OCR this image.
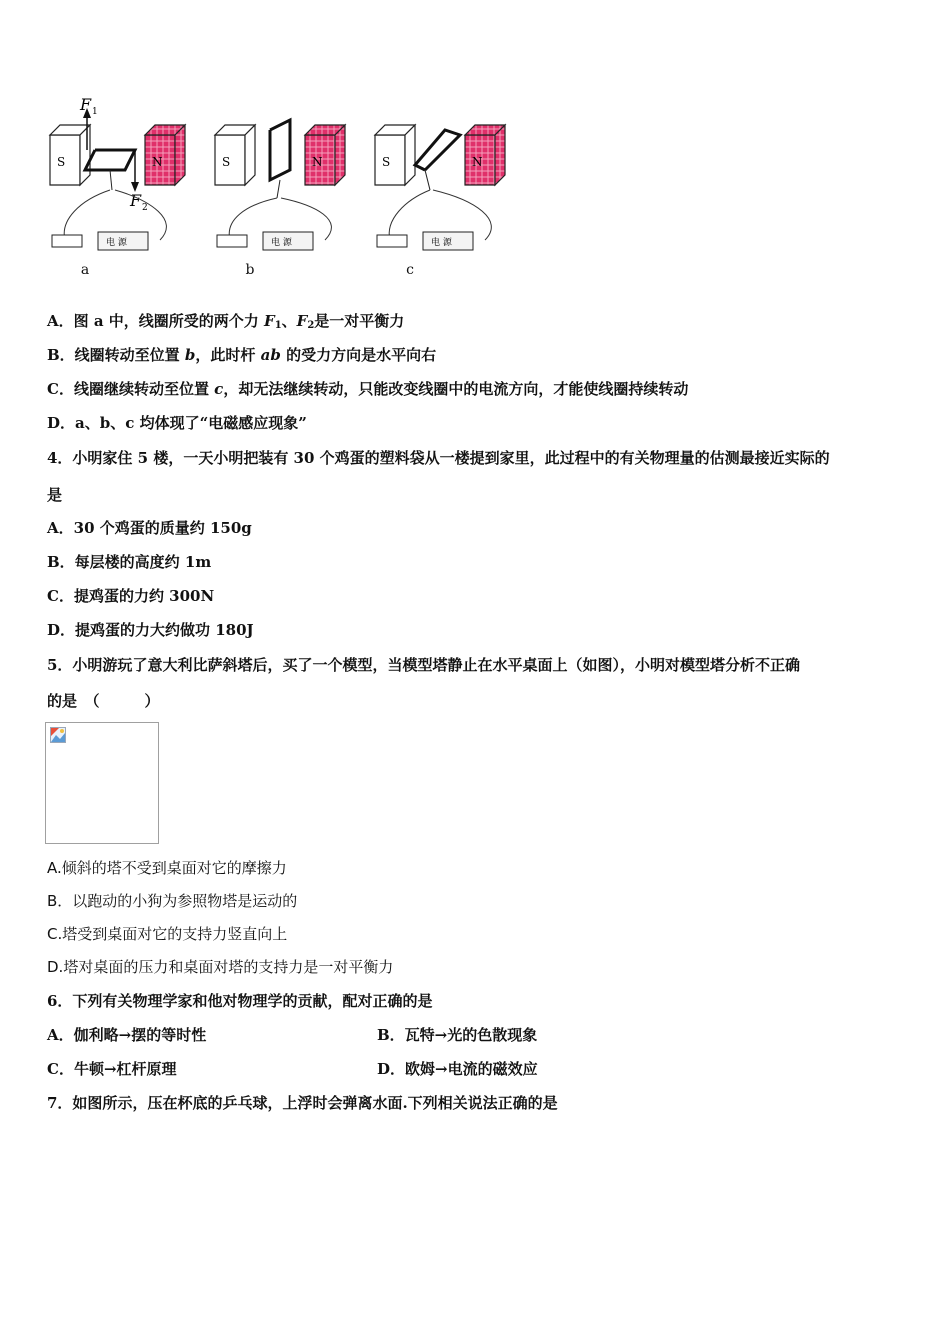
S	N
F 1
F 2
电 源
a
S	N
电 源
b
S	N
电 源
c
A．图 a 中，线圈所受的两个力 $F_1$、$F_2$是一对平衡力
B．线圈转动至位置 b，此时杆 ab 的受力方向是水平向右
C．线圈继续转动至位置 c，却无法继续转动，只能改变线圈中的电流方向，才能使线圈持续转动
D．a、b、c 均体现了“电磁感应现象”
4．小明家住 5 楼，一天小明把装有 30 个鸡蛋的塑料袋从一楼提到家里，此过程中的有关物理量的估测最接近实际的
是
A．30 个鸡蛋的质量约 150g
B．每层楼的高度约 1m
C．提鸡蛋的力约 300N
D．提鸡蛋的力大约做功 180J
5．小明游玩了意大利比萨斜塔后，买了一个模型，当模型塔静止在水平桌面上（如图），小明对模型塔分析不正确
的是　（　　　）
A.倾斜的塔不受到桌面对它的摩擦力
B．以跑动的小狗为参照物塔是运动的
C.塔受到桌面对它的支持力竖直向上
D.塔对桌面的压力和桌面对塔的支持力是一对平衡力
6．下列有关物理学家和他对物理学的贡献，配对正确的是
A．伽利略→摆的等时性	B．瓦特→光的色散现象
C．牛顿→杠杆原理	D．欧姆→电流的磁效应
7．如图所示，压在杯底的乒乓球，上浮时会弹离水面.下列相关说法正确的是
